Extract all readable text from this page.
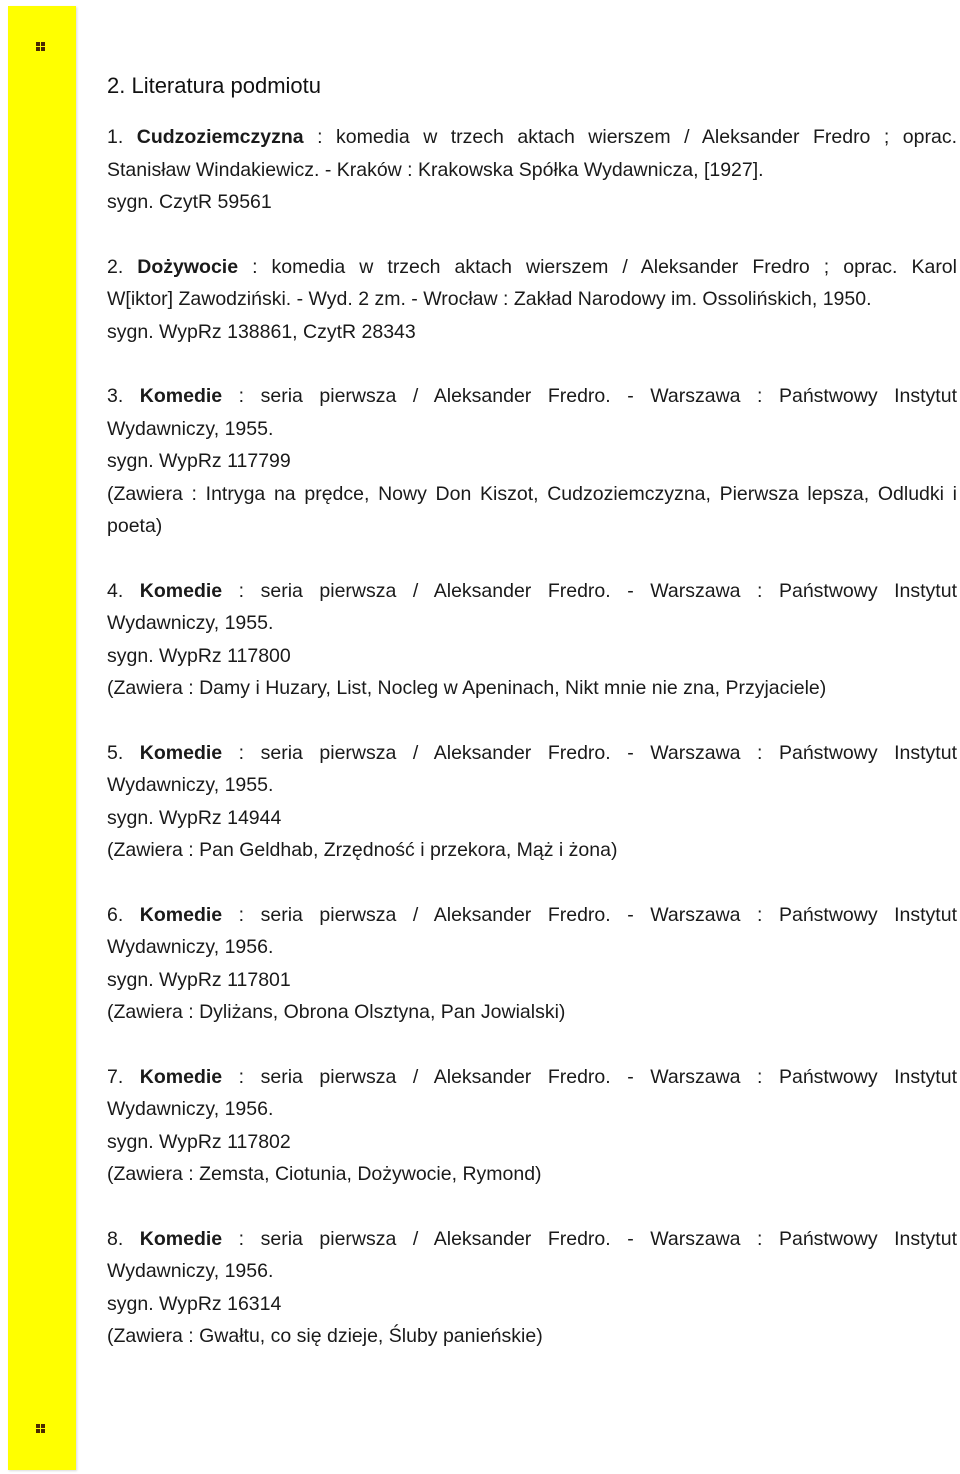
2. Literatura podmiotu

1. Cudzoziemczyzna : komedia w trzech aktach wierszem / Aleksander Fredro ; oprac.

Stanisław Windakiewicz. - Kraków : Krakowska Spółka Wydawnicza, [1927].

sygn. CzytR 59561

2. Dożywocie : komedia w trzech aktach wierszem / Aleksander Fredro ; oprac. Karol

W[iktor] Zawodziński. - Wyd. 2 zm. - Wrocław : Zakład Narodowy im. Ossolińskich, 1950.

sygn. WypRz 138861, CzytR 28343

3. Komedie : seria pierwsza / Aleksander Fredro. - Warszawa : Państwowy Instytut

Wydawniczy, 1955.

sygn. WypRz 117799

(Zawiera : Intryga na prędce, Nowy Don Kiszot, Cudzoziemczyzna, Pierwsza lepsza, Odludki i poeta)

4. Komedie : seria pierwsza / Aleksander Fredro. - Warszawa : Państwowy Instytut

Wydawniczy, 1955.

sygn. WypRz 117800

(Zawiera : Damy i Huzary, List, Nocleg w Apeninach, Nikt mnie nie zna, Przyjaciele)

5. Komedie : seria pierwsza / Aleksander Fredro. - Warszawa : Państwowy Instytut

Wydawniczy, 1955.

sygn. WypRz 14944

(Zawiera : Pan Geldhab, Zrzędność i przekora, Mąż i żona)

6. Komedie : seria pierwsza / Aleksander Fredro. - Warszawa : Państwowy Instytut

Wydawniczy, 1956.

sygn. WypRz 117801

(Zawiera : Dyliżans, Obrona Olsztyna, Pan Jowialski)

7. Komedie : seria pierwsza / Aleksander Fredro. - Warszawa : Państwowy Instytut

Wydawniczy, 1956.

sygn. WypRz 117802

(Zawiera : Zemsta, Ciotunia, Dożywocie, Rymond)

8. Komedie : seria pierwsza / Aleksander Fredro. - Warszawa : Państwowy Instytut

Wydawniczy, 1956.

sygn. WypRz 16314

(Zawiera : Gwałtu, co się dzieje, Śluby panieńskie)
